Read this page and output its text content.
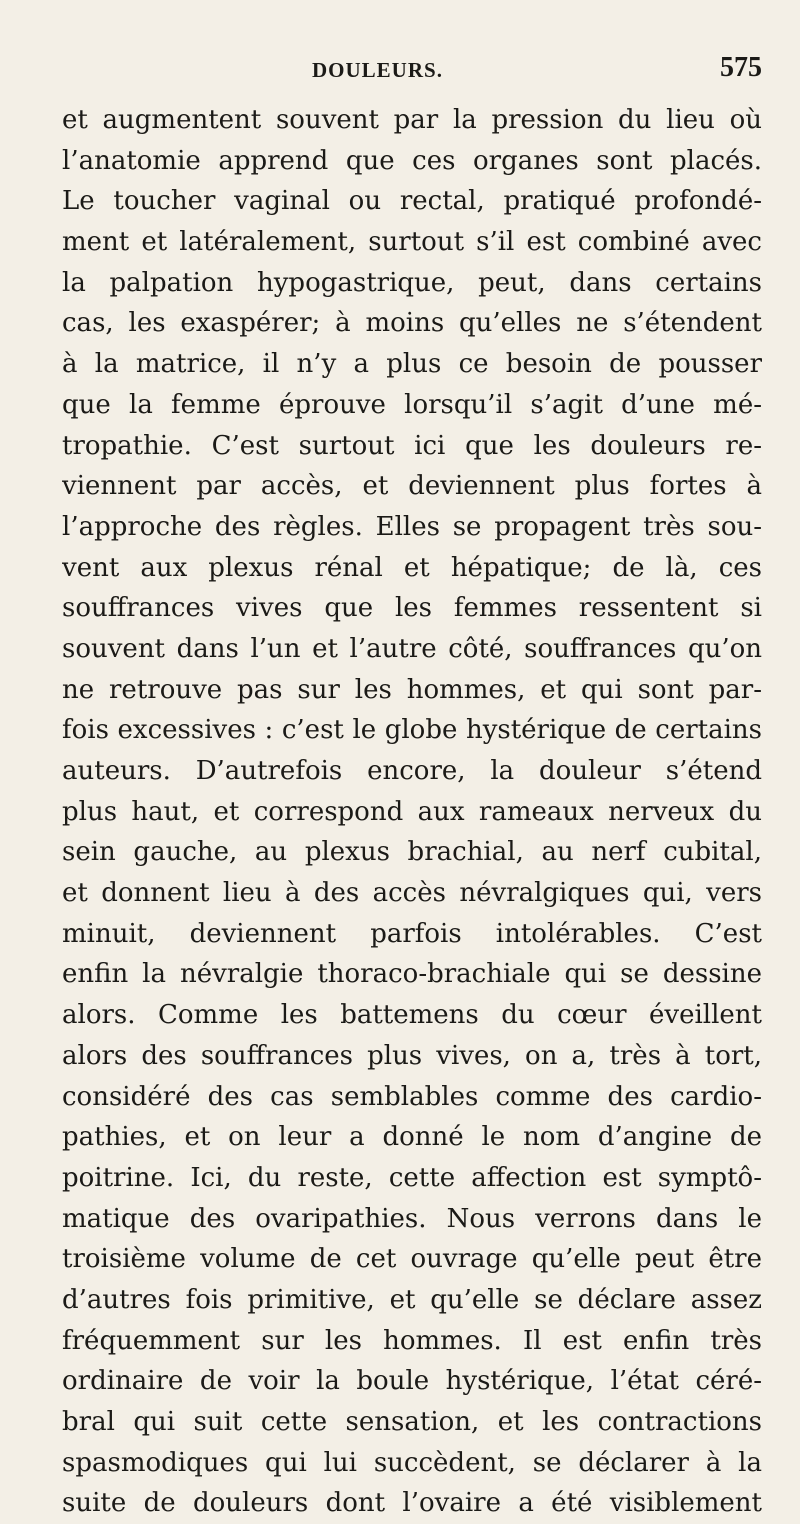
DOULEURS.	575
et augmentent souvent par la pression du lieu où
l’anatomie apprend que ces organes sont placés.
Le toucher vaginal ou rectal, pratiqué profondé-
ment et latéralement, surtout s’il est combiné avec
la palpation hypogastrique, peut, dans certains
cas, les exaspérer; à moins qu’elles ne s’étendent
à la matrice, il n’y a plus ce besoin de pousser
que la femme éprouve lorsqu’il s’agit d’une mé-
tropathie. C’est surtout ici que les douleurs re-
viennent par accès, et deviennent plus fortes à
l’approche des règles. Elles se propagent très sou-
vent aux plexus rénal et hépatique; de là, ces
souffrances vives que les femmes ressentent si
souvent dans l’un et l’autre côté, souffrances qu’on
ne retrouve pas sur les hommes, et qui sont par-
fois excessives : c’est le globe hystérique de certains
auteurs. D’autrefois encore, la douleur s’étend
plus haut, et correspond aux rameaux nerveux du
sein gauche, au plexus brachial, au nerf cubital,
et donnent lieu à des accès névralgiques qui, vers
minuit, deviennent parfois intolérables. C’est
enfin la névralgie thoraco-brachiale qui se dessine
alors. Comme les battemens du cœur éveillent
alors des souffrances plus vives, on a, très à tort,
considéré des cas semblables comme des cardio-
pathies, et on leur a donné le nom d’angine de
poitrine. Ici, du reste, cette affection est symptô-
matique des ovaripathies. Nous verrons dans le
troisième volume de cet ouvrage qu’elle peut être
d’autres fois primitive, et qu’elle se déclare assez
fréquemment sur les hommes. Il est enfin très
ordinaire de voir la boule hystérique, l’état céré-
bral qui suit cette sensation, et les contractions
spasmodiques qui lui succèdent, se déclarer à la
suite de douleurs dont l’ovaire a été visiblement
